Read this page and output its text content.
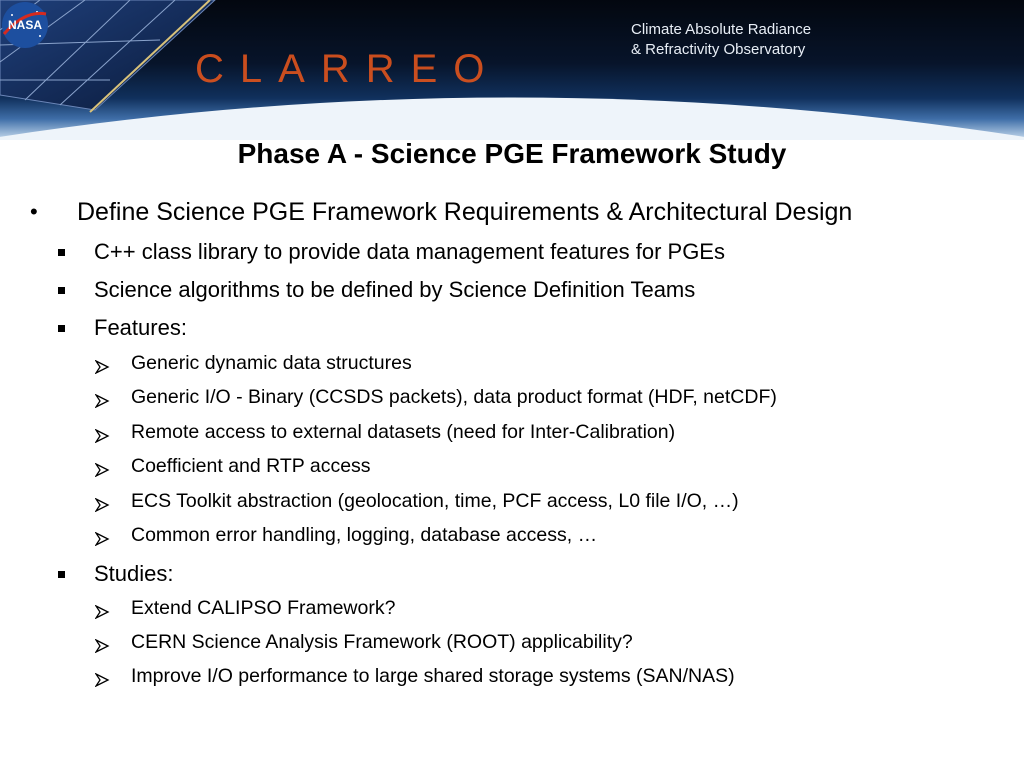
CLARREO
Climate Absolute Radiance
& Refractivity Observatory
NASA
Phase A - Science PGE Framework Study
• Define Science PGE Framework Requirements & Architectural Design
C++ class library to provide data management features for PGEs
Science algorithms to be defined by Science Definition Teams
Features:
Generic dynamic data structures
Generic I/O - Binary (CCSDS packets), data product format (HDF, netCDF)
Remote access to external datasets (need for Inter-Calibration)
Coefficient and RTP access
ECS Toolkit abstraction (geolocation, time, PCF access, L0 file I/O, …)
Common error handling, logging, database access, …
Studies:
Extend CALIPSO Framework?
CERN Science Analysis Framework (ROOT) applicability?
Improve I/O performance to large shared storage systems (SAN/NAS)
